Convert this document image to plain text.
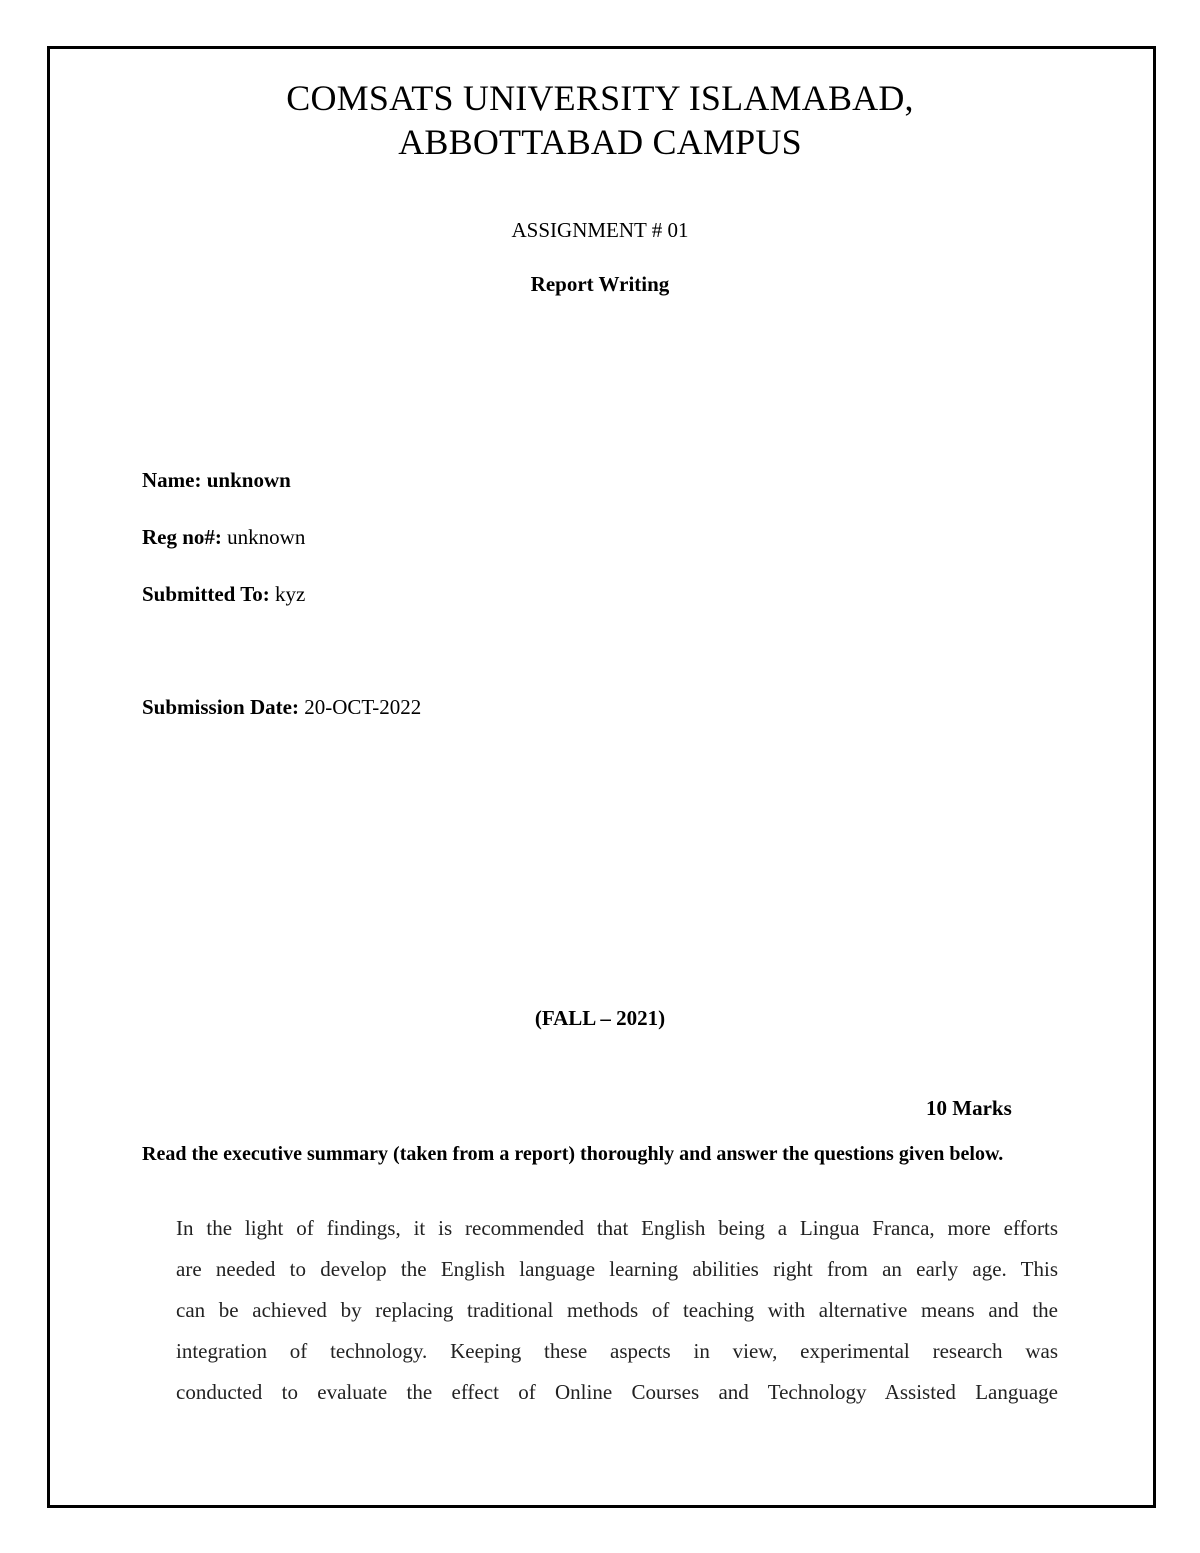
COMSATS UNIVERSITY ISLAMABAD,
ABBOTTABAD CAMPUS
ASSIGNMENT # 01
Report Writing
Name: unknown
Reg no#: unknown
Submitted To: kyz
Submission Date: 20-OCT-2022
(FALL – 2021)
10 Marks
Read the executive summary (taken from a report) thoroughly and answer the questions given below.
In the light of findings, it is recommended that English being a Lingua Franca, more efforts
are needed to develop the English language learning abilities right from an early age. This
can be achieved by replacing traditional methods of teaching with alternative means and the
integration of technology. Keeping these aspects in view, experimental research was
conducted to evaluate the effect of Online Courses and Technology Assisted Language
